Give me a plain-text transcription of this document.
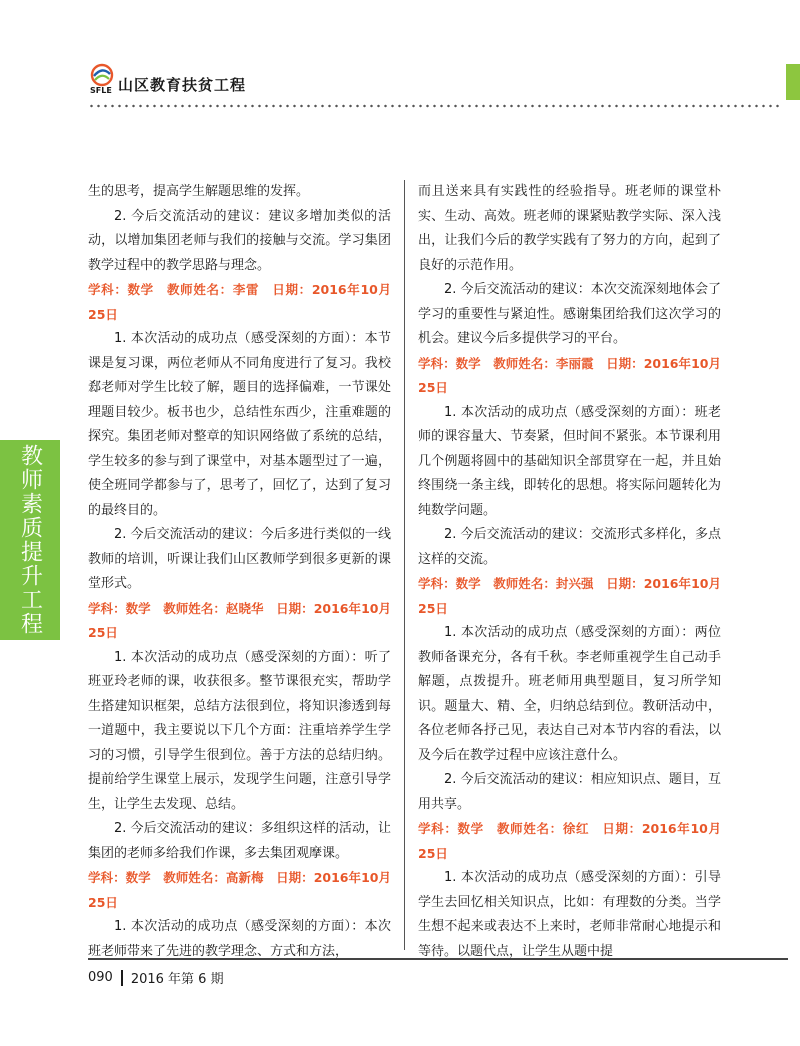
SFLE 山区教育扶贫工程
教师素质提升工程

生的思考，提高学生解题思维的发挥。

2. 今后交流活动的建议：建议多增加类似的活动，以增加集团老师与我们的接触与交流。学习集团教学过程中的教学思路与理念。

学科：数学　教师姓名：李雷　日期：2016年10月25日

1. 本次活动的成功点（感受深刻的方面）：本节课是复习课，两位老师从不同角度进行了复习。我校郄老师对学生比较了解，题目的选择偏难，一节课处理题目较少。板书也少，总结性东西少，注重难题的探究。集团老师对整章的知识网络做了系统的总结，学生较多的参与到了课堂中，对基本题型过了一遍，使全班同学都参与了，思考了，回忆了，达到了复习的最终目的。

2. 今后交流活动的建议：今后多进行类似的一线教师的培训，听课让我们山区教师学到很多更新的课堂形式。

学科：数学　教师姓名：赵晓华　日期：2016年10月25日

1. 本次活动的成功点（感受深刻的方面）：听了班亚玲老师的课，收获很多。整节课很充实，帮助学生搭建知识框架，总结方法很到位，将知识渗透到每一道题中，我主要说以下几个方面：注重培养学生学习的习惯，引导学生很到位。善于方法的总结归纳。提前给学生课堂上展示，发现学生问题，注意引导学生，让学生去发现、总结。

2. 今后交流活动的建议：多组织这样的活动，让集团的老师多给我们作课，多去集团观摩课。

学科：数学　教师姓名：高新梅　日期：2016年10月25日

1. 本次活动的成功点（感受深刻的方面）：本次班老师带来了先进的教学理念、方式和方法，

而且送来具有实践性的经验指导。班老师的课堂朴实、生动、高效。班老师的课紧贴教学实际、深入浅出，让我们今后的教学实践有了努力的方向，起到了良好的示范作用。

2. 今后交流活动的建议：本次交流深刻地体会了学习的重要性与紧迫性。感谢集团给我们这次学习的机会。建议今后多提供学习的平台。

学科：数学　教师姓名：李丽霞　日期：2016年10月25日

1. 本次活动的成功点（感受深刻的方面）：班老师的课容量大、节奏紧，但时间不紧张。本节课利用几个例题将圆中的基础知识全部贯穿在一起，并且始终围绕一条主线，即转化的思想。将实际问题转化为纯数学问题。

2. 今后交流活动的建议：交流形式多样化，多点这样的交流。

学科：数学　教师姓名：封兴强　日期：2016年10月25日

1. 本次活动的成功点（感受深刻的方面）：两位教师备课充分，各有千秋。李老师重视学生自己动手解题，点拨提升。班老师用典型题目，复习所学知识。题量大、精、全，归纳总结到位。教研活动中，各位老师各抒己见，表达自己对本节内容的看法，以及今后在教学过程中应该注意什么。

2. 今后交流活动的建议：相应知识点、题目，互用共享。

学科：数学　教师姓名：徐红　日期：2016年10月25日

1. 本次活动的成功点（感受深刻的方面）：引导学生去回忆相关知识点，比如：有理数的分类。当学生想不起来或表达不上来时，老师非常耐心地提示和等待。以题代点，让学生从题中提

090 2016 年第 6 期
